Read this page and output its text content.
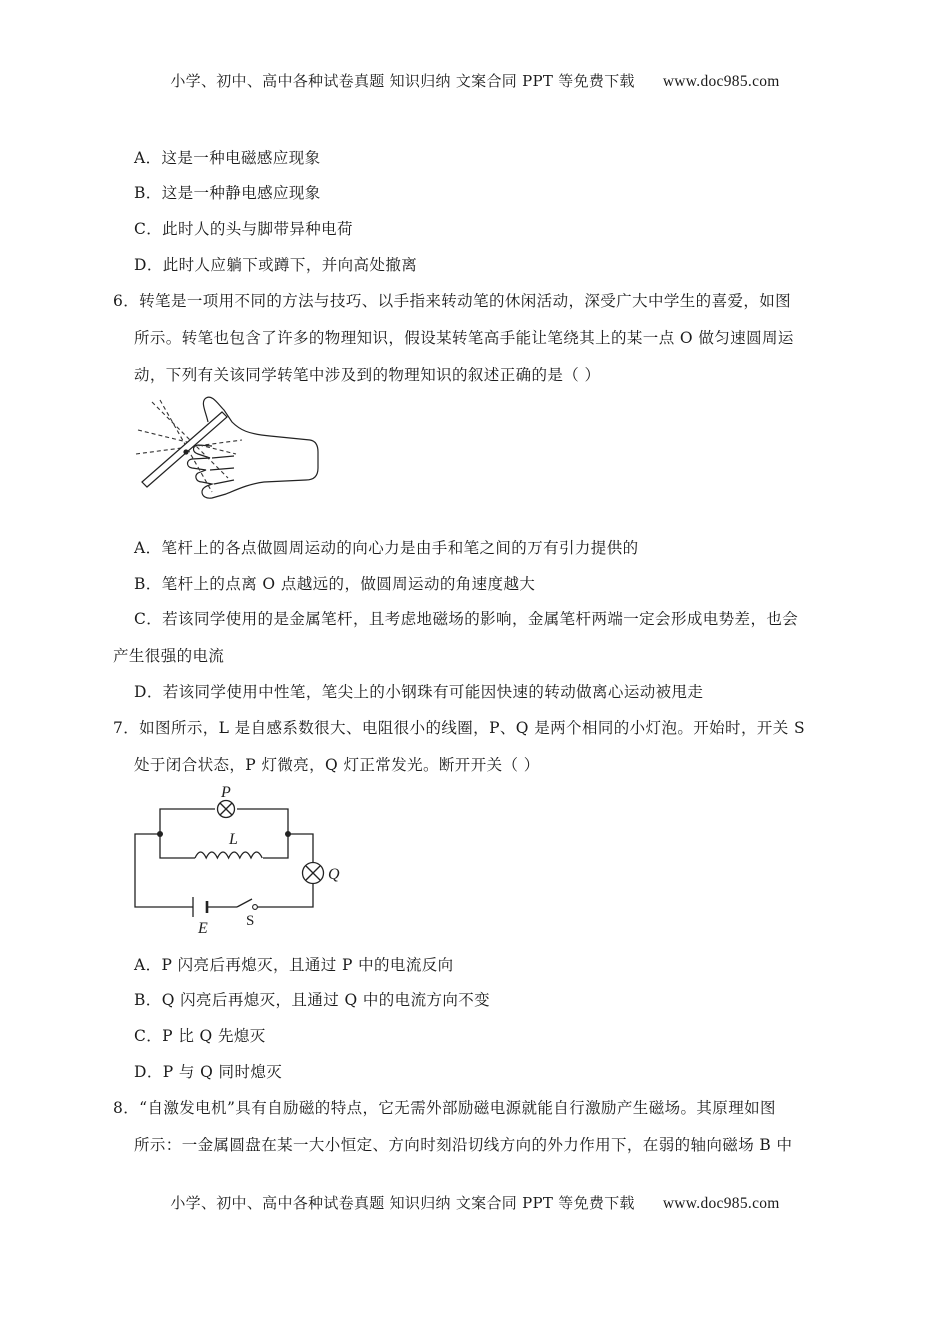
小学、初中、高中各种试卷真题 知识归纳 文案合同 PPT 等免费下载 www.doc985.com
A．这是一种电磁感应现象
B．这是一种静电感应现象
C．此时人的头与脚带异种电荷
D．此时人应躺下或蹲下，并向高处撤离
6．转笔是一项用不同的方法与技巧、以手指来转动笔的休闲活动，深受广大中学生的喜爱，如图
所示。转笔也包含了许多的物理知识，假设某转笔高手能让笔绕其上的某一点 O 做匀速圆周运
动，下列有关该同学转笔中涉及到的物理知识的叙述正确的是（ ）
A．笔杆上的各点做圆周运动的向心力是由手和笔之间的万有引力提供的
B．笔杆上的点离 O 点越远的，做圆周运动的角速度越大
C．若该同学使用的是金属笔杆，且考虑地磁场的影响，金属笔杆两端一定会形成电势差，也会
产生很强的电流
D．若该同学使用中性笔，笔尖上的小钢珠有可能因快速的转动做离心运动被甩走
7．如图所示，L 是自感系数很大、电阻很小的线圈，P、Q 是两个相同的小灯泡。开始时，开关 S
处于闭合状态，P 灯微亮，Q 灯正常发光。断开开关（ ）
P
L
Q
E	S
A．P 闪亮后再熄灭，且通过 P 中的电流反向
B．Q 闪亮后再熄灭，且通过 Q 中的电流方向不变
C．P 比 Q 先熄灭
D．P 与 Q 同时熄灭
8．“自激发电机”具有自励磁的特点，它无需外部励磁电源就能自行激励产生磁场。其原理如图
所示：一金属圆盘在某一大小恒定、方向时刻沿切线方向的外力作用下，在弱的轴向磁场 B 中
小学、初中、高中各种试卷真题 知识归纳 文案合同 PPT 等免费下载 www.doc985.com
